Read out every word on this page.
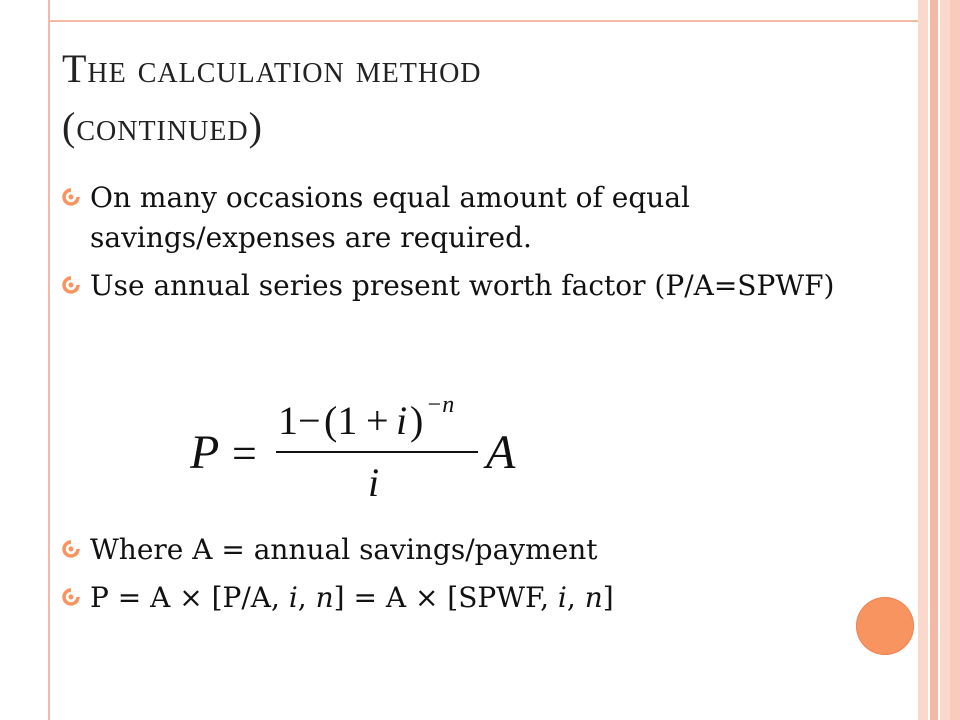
The calculation method
(continued)
On many occasions equal amount of equal savings/expenses are required.
Use annual series present worth factor (P/A=SPWF)
P =
1 − (1 + i ) −n
i
A
Where A = annual savings/payment
P = A × [P/A, i, n] = A × [SPWF, i, n]
